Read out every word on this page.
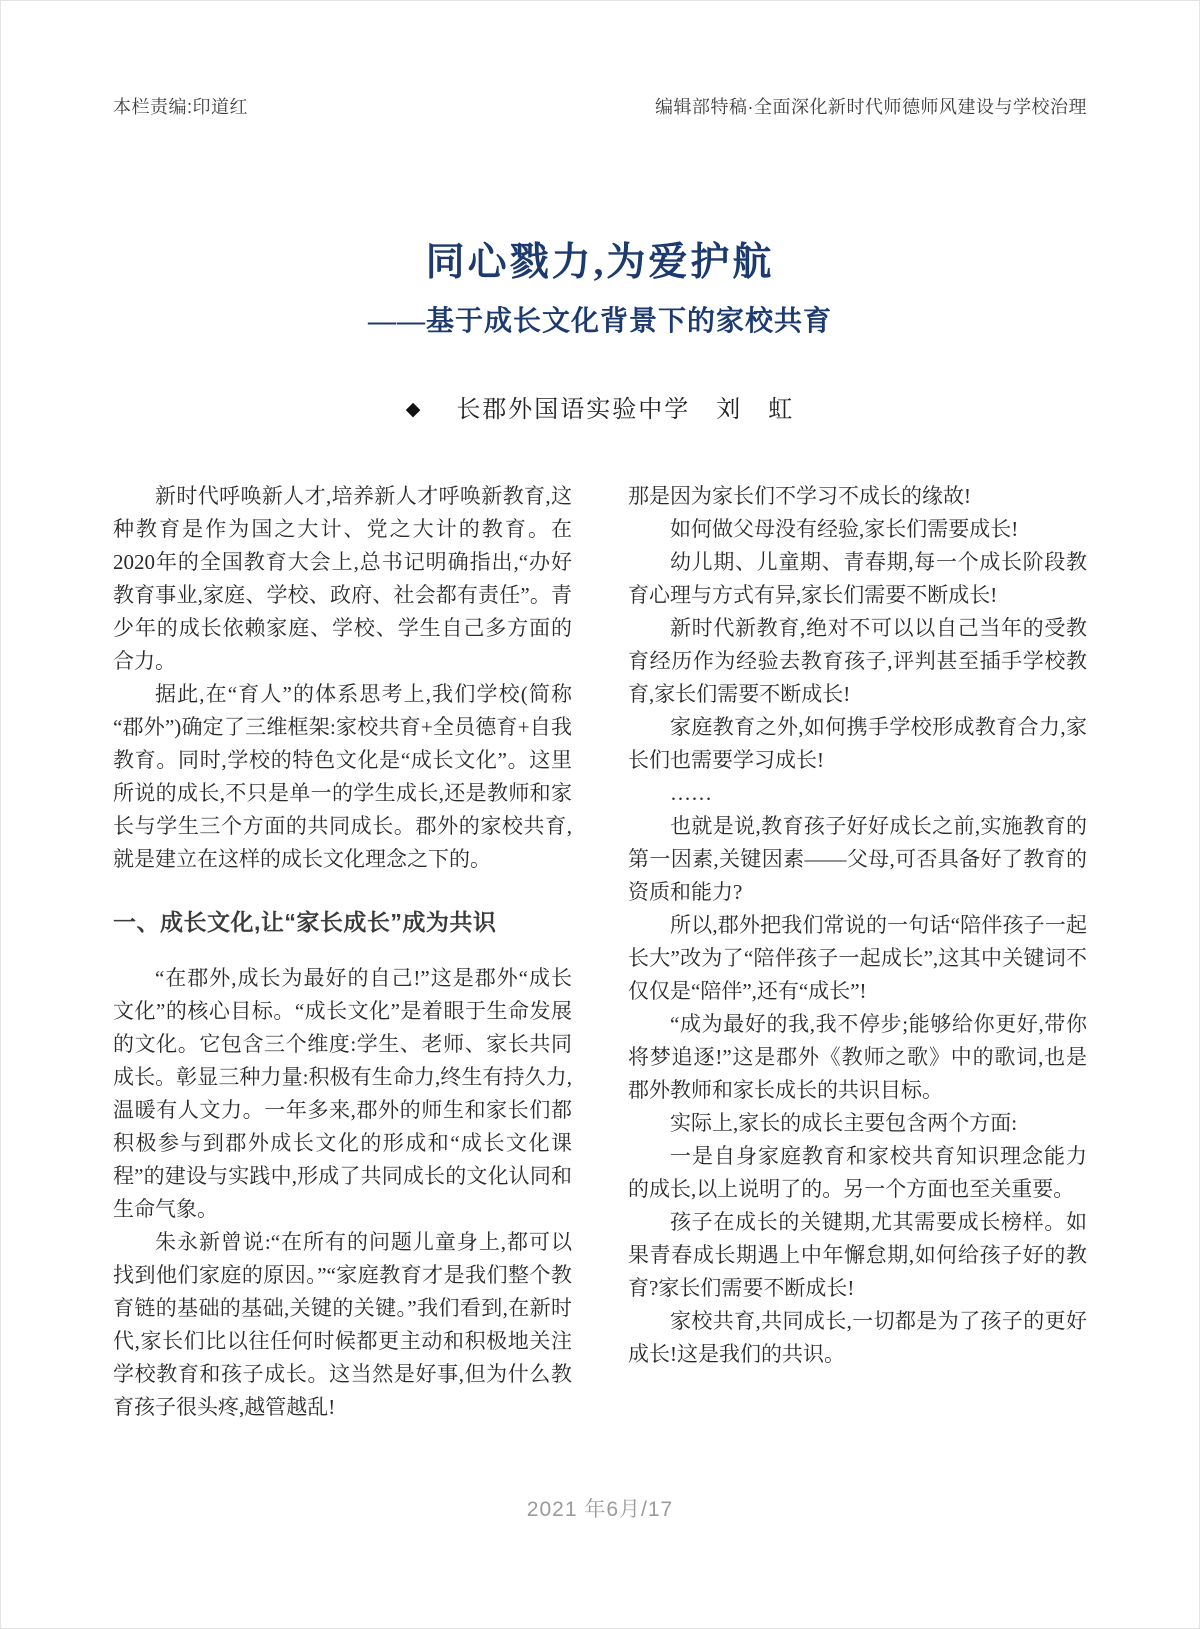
本栏责编:印道红	编辑部特稿·全面深化新时代师德师风建设与学校治理
同心戮力,为爱护航
——基于成长文化背景下的家校共育
◆ 长郡外国语实验中学　刘　虹

新时代呼唤新人才,培养新人才呼唤新教育,这种教育是作为国之大计、党之大计的教育。在2020年的全国教育大会上,总书记明确指出,“办好教育事业,家庭、学校、政府、社会都有责任”。青少年的成长依赖家庭、学校、学生自己多方面的合力。

据此,在“育人”的体系思考上,我们学校(简称“郡外”)确定了三维框架:家校共育+全员德育+自我教育。同时,学校的特色文化是“成长文化”。这里所说的成长,不只是单一的学生成长,还是教师和家长与学生三个方面的共同成长。郡外的家校共育,就是建立在这样的成长文化理念之下的。

一、成长文化,让“家长成长”成为共识

“在郡外,成长为最好的自己!”这是郡外“成长文化”的核心目标。“成长文化”是着眼于生命发展的文化。它包含三个维度:学生、老师、家长共同成长。彰显三种力量:积极有生命力,终生有持久力,温暖有人文力。一年多来,郡外的师生和家长们都积极参与到郡外成长文化的形成和“成长文化课程”的建设与实践中,形成了共同成长的文化认同和生命气象。

朱永新曾说:“在所有的问题儿童身上,都可以找到他们家庭的原因。”“家庭教育才是我们整个教育链的基础的基础,关键的关键。”我们看到,在新时代,家长们比以往任何时候都更主动和积极地关注学校教育和孩子成长。这当然是好事,但为什么教育孩子很头疼,越管越乱!

那是因为家长们不学习不成长的缘故!

如何做父母没有经验,家长们需要成长!

幼儿期、儿童期、青春期,每一个成长阶段教育心理与方式有异,家长们需要不断成长!

新时代新教育,绝对不可以以自己当年的受教育经历作为经验去教育孩子,评判甚至插手学校教育,家长们需要不断成长!

家庭教育之外,如何携手学校形成教育合力,家长们也需要学习成长!

……

也就是说,教育孩子好好成长之前,实施教育的第一因素,关键因素——父母,可否具备好了教育的资质和能力?

所以,郡外把我们常说的一句话“陪伴孩子一起长大”改为了“陪伴孩子一起成长”,这其中关键词不仅仅是“陪伴”,还有“成长”!

“成为最好的我,我不停步;能够给你更好,带你将梦追逐!”这是郡外《教师之歌》中的歌词,也是郡外教师和家长成长的共识目标。

实际上,家长的成长主要包含两个方面:

一是自身家庭教育和家校共育知识理念能力的成长,以上说明了的。另一个方面也至关重要。

孩子在成长的关键期,尤其需要成长榜样。如果青春成长期遇上中年懈怠期,如何给孩子好的教育?家长们需要不断成长!

家校共育,共同成长,一切都是为了孩子的更好成长!这是我们的共识。

2021 年6月/17
